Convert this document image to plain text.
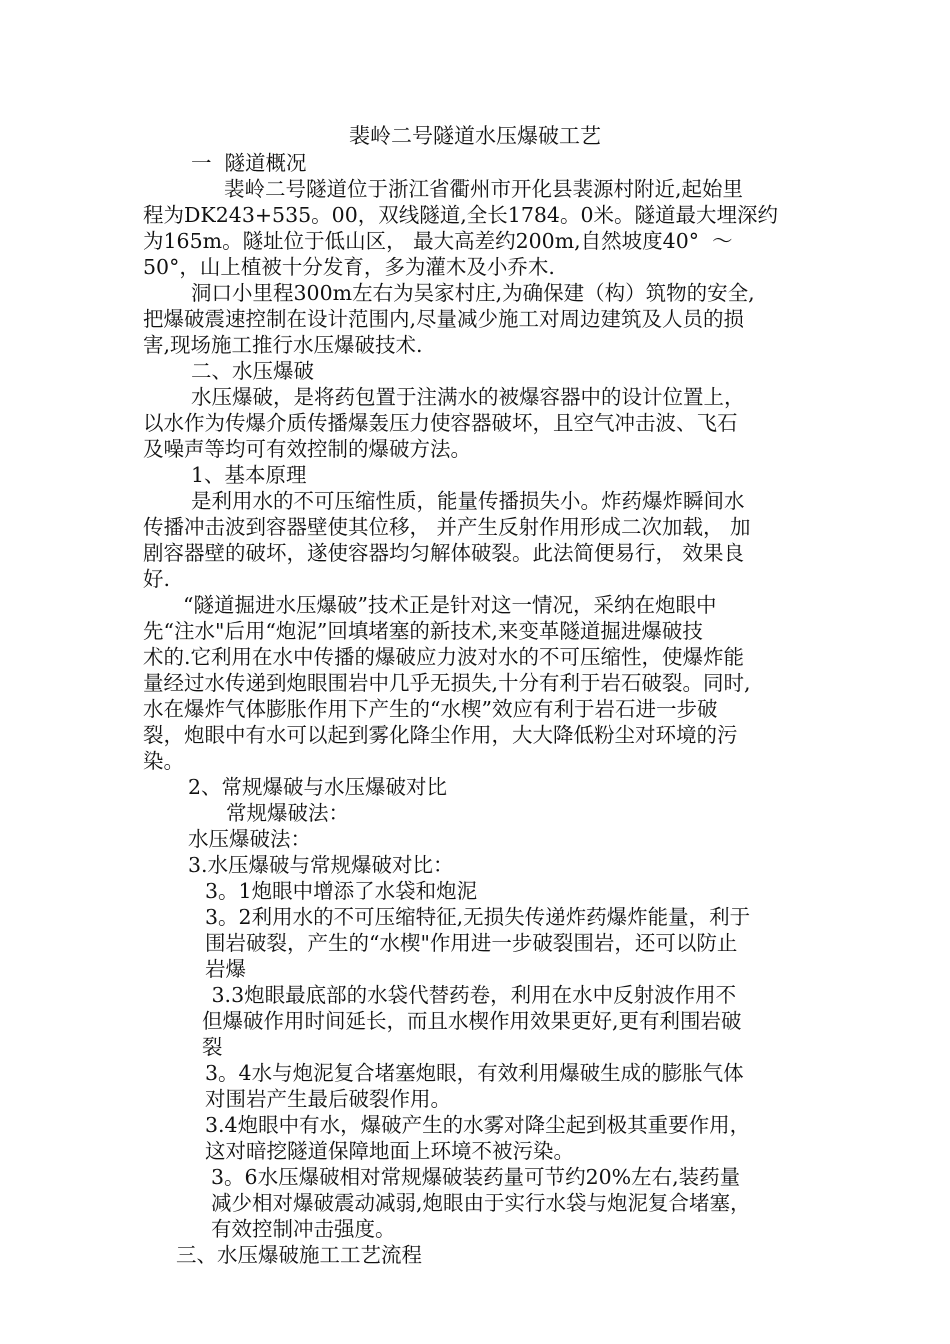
裴岭二号隧道水压爆破工艺
一  隧道概况
裴岭二号隧道位于浙江省衢州市开化县裴源村附近,起始里
程为DK243+535。00，双线隧道,全长1784。0米。隧道最大埋深约
为165m。隧址位于低山区， 最大高差约200m,自然坡度40°  ～
50°，山上植被十分发育，多为灌木及小乔木.
洞口小里程300m左右为吴家村庄,为确保建（构）筑物的安全,
把爆破震速控制在设计范围内,尽量减少施工对周边建筑及人员的损
害,现场施工推行水压爆破技术.
二、水压爆破
水压爆破，是将药包置于注满水的被爆容器中的设计位置上，
以水作为传爆介质传播爆轰压力使容器破坏，且空气冲击波、飞石
及噪声等均可有效控制的爆破方法。
1、基本原理
是利用水的不可压缩性质，能量传播损失小。炸药爆炸瞬间水
传播冲击波到容器壁使其位移， 并产生反射作用形成二次加载， 加
剧容器壁的破坏，遂使容器均匀解体破裂。此法简便易行， 效果良
好.
“隧道掘进水压爆破”技术正是针对这一情况，采纳在炮眼中
先“注水"后用“炮泥”回填堵塞的新技术,来变革隧道掘进爆破技
术的.它利用在水中传播的爆破应力波对水的不可压缩性，使爆炸能
量经过水传递到炮眼围岩中几乎无损失,十分有利于岩石破裂。同时,
水在爆炸气体膨胀作用下产生的“水楔”效应有利于岩石进一步破
裂，炮眼中有水可以起到雾化降尘作用，大大降低粉尘对环境的污
染。
2、常规爆破与水压爆破对比
常规爆破法：
水压爆破法：
3.水压爆破与常规爆破对比：
3。1炮眼中增添了水袋和炮泥
3。2利用水的不可压缩特征,无损失传递炸药爆炸能量，利于
围岩破裂，产生的“水楔"作用进一步破裂围岩，还可以防止
岩爆
3.3炮眼最底部的水袋代替药卷，利用在水中反射波作用不
但爆破作用时间延长，而且水楔作用效果更好,更有利围岩破
裂
3。4水与炮泥复合堵塞炮眼，有效利用爆破生成的膨胀气体
对围岩产生最后破裂作用。
3.4炮眼中有水，爆破产生的水雾对降尘起到极其重要作用，
这对暗挖隧道保障地面上环境不被污染。
3。6水压爆破相对常规爆破装药量可节约20%左右,装药量
减少相对爆破震动减弱,炮眼由于实行水袋与炮泥复合堵塞，
有效控制冲击强度。
三、水压爆破施工工艺流程
